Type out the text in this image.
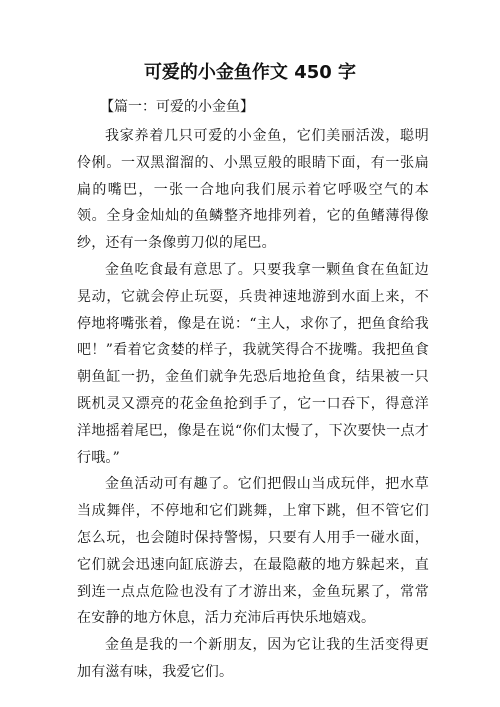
可爱的小金鱼作文 450 字
【篇一：可爱的小金鱼】

我家养着几只可爱的小金鱼，它们美丽活泼，聪明伶俐。一双黑溜溜的、小黑豆般的眼睛下面，有一张扁扁的嘴巴，一张一合地向我们展示着它呼吸空气的本领。全身金灿灿的鱼鳞整齐地排列着，它的鱼鳍薄得像纱，还有一条像剪刀似的尾巴。

金鱼吃食最有意思了。只要我拿一颗鱼食在鱼缸边晃动，它就会停止玩耍，兵贵神速地游到水面上来，不停地将嘴张着，像是在说：“主人，求你了，把鱼食给我吧！”看着它贪婪的样子，我就笑得合不拢嘴。我把鱼食朝鱼缸一扔，金鱼们就争先恐后地抢鱼食，结果被一只既机灵又漂亮的花金鱼抢到手了，它一口吞下，得意洋洋地摇着尾巴，像是在说“你们太慢了，下次要快一点才行哦。”

金鱼活动可有趣了。它们把假山当成玩伴，把水草当成舞伴，不停地和它们跳舞，上窜下跳，但不管它们怎么玩，也会随时保持警惕，只要有人用手一碰水面，它们就会迅速向缸底游去，在最隐蔽的地方躲起来，直到连一点点危险也没有了才游出来，金鱼玩累了，常常在安静的地方休息，活力充沛后再快乐地嬉戏。

金鱼是我的一个新朋友，因为它让我的生活变得更加有滋有味，我爱它们。
